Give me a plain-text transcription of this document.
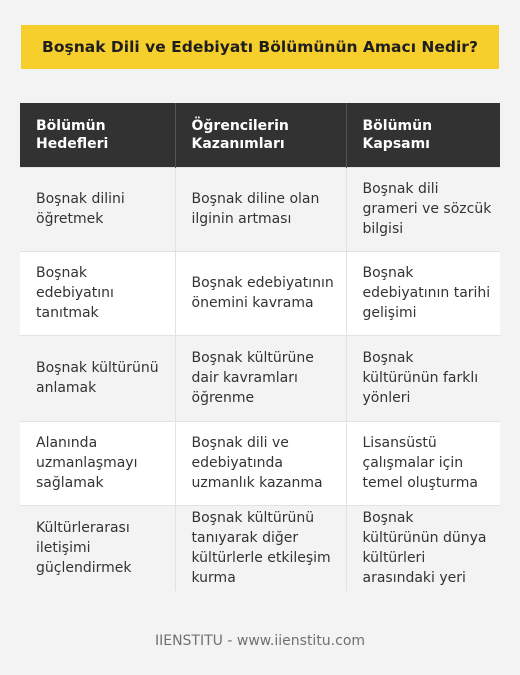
Boşnak Dili ve Edebiyatı Bölümünün Amacı Nedir?
Bölümün Hedefleri	Öğrencilerin Kazanımları	Bölümün Kapsamı
Boşnak dilini öğretmek	Boşnak diline olan ilginin artması	Boşnak dili grameri ve sözcük bilgisi
Boşnak edebiyatını tanıtmak	Boşnak edebiyatının önemini kavrama	Boşnak edebiyatının tarihi gelişimi
Boşnak kültürünü anlamak	Boşnak kültürüne dair kavramları öğrenme	Boşnak kültürünün farklı yönleri
Alanında uzmanlaşmayı sağlamak	Boşnak dili ve edebiyatında uzmanlık kazanma	Lisansüstü çalışmalar için temel oluşturma
Kültürlerarası iletişimi güçlendirmek	Boşnak kültürünü tanıyarak diğer kültürlerle etkileşim kurma	Boşnak kültürünün dünya kültürleri arasındaki yeri
IIENSTITU - www.iienstitu.com
